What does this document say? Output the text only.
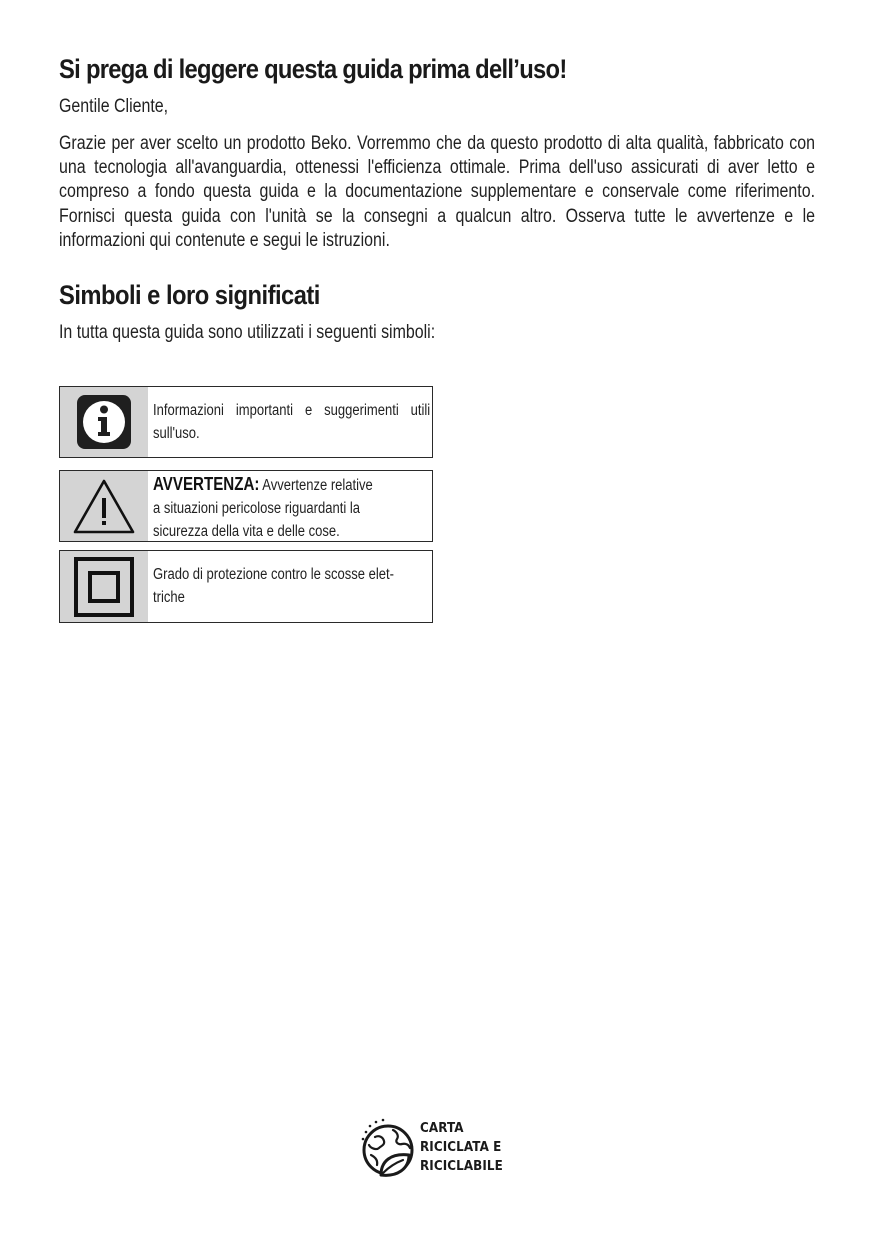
Si prega di leggere questa guida prima dell’uso!

Gentile Cliente,

Grazie per aver scelto un prodotto Beko. Vorremmo che da questo prodotto di alta qualità, fabbricato con una tecnologia all'avanguardia, ottenessi l'efficienza ottimale. Prima dell'uso assicurati di aver letto e compreso a fondo questa guida e la documentazione supplementare e conservale come riferimento. Fornisci questa guida con l'unità se la consegni a qualcun altro. Osserva tutte le avvertenze e le informazioni qui contenute e segui le istruzioni.

Simboli e loro significati

In tutta questa guida sono utilizzati i seguenti simboli:

Informazioni importanti e suggerimenti utili sull'uso.
AVVERTENZA: Avvertenze relative
a situazioni pericolose riguardanti la
sicurezza della vita e delle cose.
Grado di protezione contro le scosse elet-
triche
CARTA
RICICLATA E
RICICLABILE
